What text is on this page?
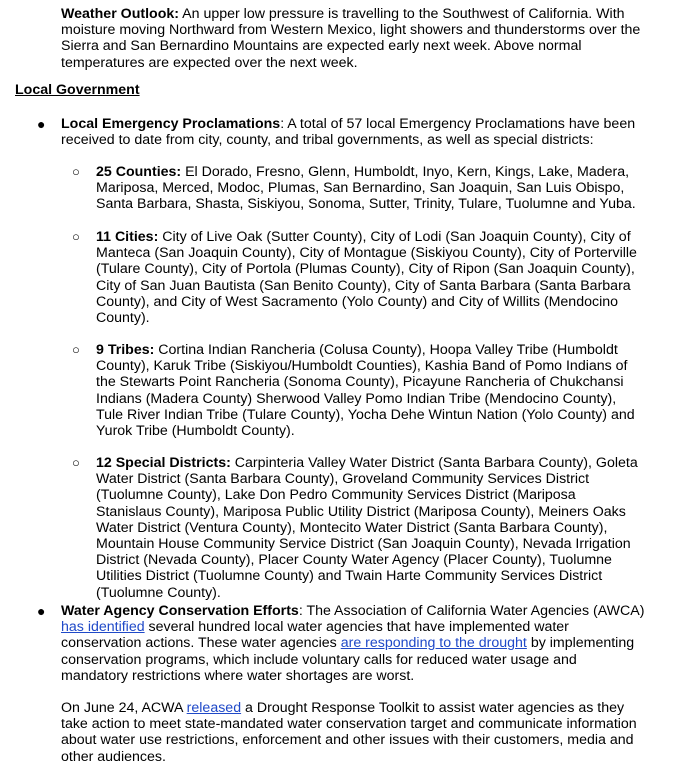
Weather Outlook: An upper low pressure is travelling to the Southwest of California. With moisture moving Northward from Western Mexico, light showers and thunderstorms over the Sierra and San Bernardino Mountains are expected early next week. Above normal temperatures are expected over the next week.

Local Government

● Local Emergency Proclamations: A total of 57 local Emergency Proclamations have been received to date from city, county, and tribal governments, as well as special districts:

○ 25 Counties: El Dorado, Fresno, Glenn, Humboldt, Inyo, Kern, Kings, Lake, Madera, Mariposa, Merced, Modoc, Plumas, San Bernardino, San Joaquin, San Luis Obispo, Santa Barbara, Shasta, Siskiyou, Sonoma, Sutter, Trinity, Tulare, Tuolumne and Yuba.

○ 11 Cities: City of Live Oak (Sutter County), City of Lodi (San Joaquin County), City of Manteca (San Joaquin County), City of Montague (Siskiyou County), City of Porterville (Tulare County), City of Portola (Plumas County), City of Ripon (San Joaquin County), City of San Juan Bautista (San Benito County), City of Santa Barbara (Santa Barbara County), and City of West Sacramento (Yolo County) and City of Willits (Mendocino County).

○ 9 Tribes: Cortina Indian Rancheria (Colusa County), Hoopa Valley Tribe (Humboldt County), Karuk Tribe (Siskiyou/Humboldt Counties), Kashia Band of Pomo Indians of the Stewarts Point Rancheria (Sonoma County), Picayune Rancheria of Chukchansi Indians (Madera County) Sherwood Valley Pomo Indian Tribe (Mendocino County), Tule River Indian Tribe (Tulare County), Yocha Dehe Wintun Nation (Yolo County) and Yurok Tribe (Humboldt County).

○ 12 Special Districts: Carpinteria Valley Water District (Santa Barbara County), Goleta Water District (Santa Barbara County), Groveland Community Services District (Tuolumne County), Lake Don Pedro Community Services District (Mariposa Stanislaus County), Mariposa Public Utility District (Mariposa County), Meiners Oaks Water District (Ventura County), Montecito Water District (Santa Barbara County), Mountain House Community Service District (San Joaquin County), Nevada Irrigation District (Nevada County), Placer County Water Agency (Placer County), Tuolumne Utilities District (Tuolumne County) and Twain Harte Community Services District (Tuolumne County).

● Water Agency Conservation Efforts: The Association of California Water Agencies (AWCA) has identified several hundred local water agencies that have implemented water conservation actions. These water agencies are responding to the drought by implementing conservation programs, which include voluntary calls for reduced water usage and mandatory restrictions where water shortages are worst.

On June 24, ACWA released a Drought Response Toolkit to assist water agencies as they take action to meet state-mandated water conservation target and communicate information about water use restrictions, enforcement and other issues with their customers, media and other audiences.
